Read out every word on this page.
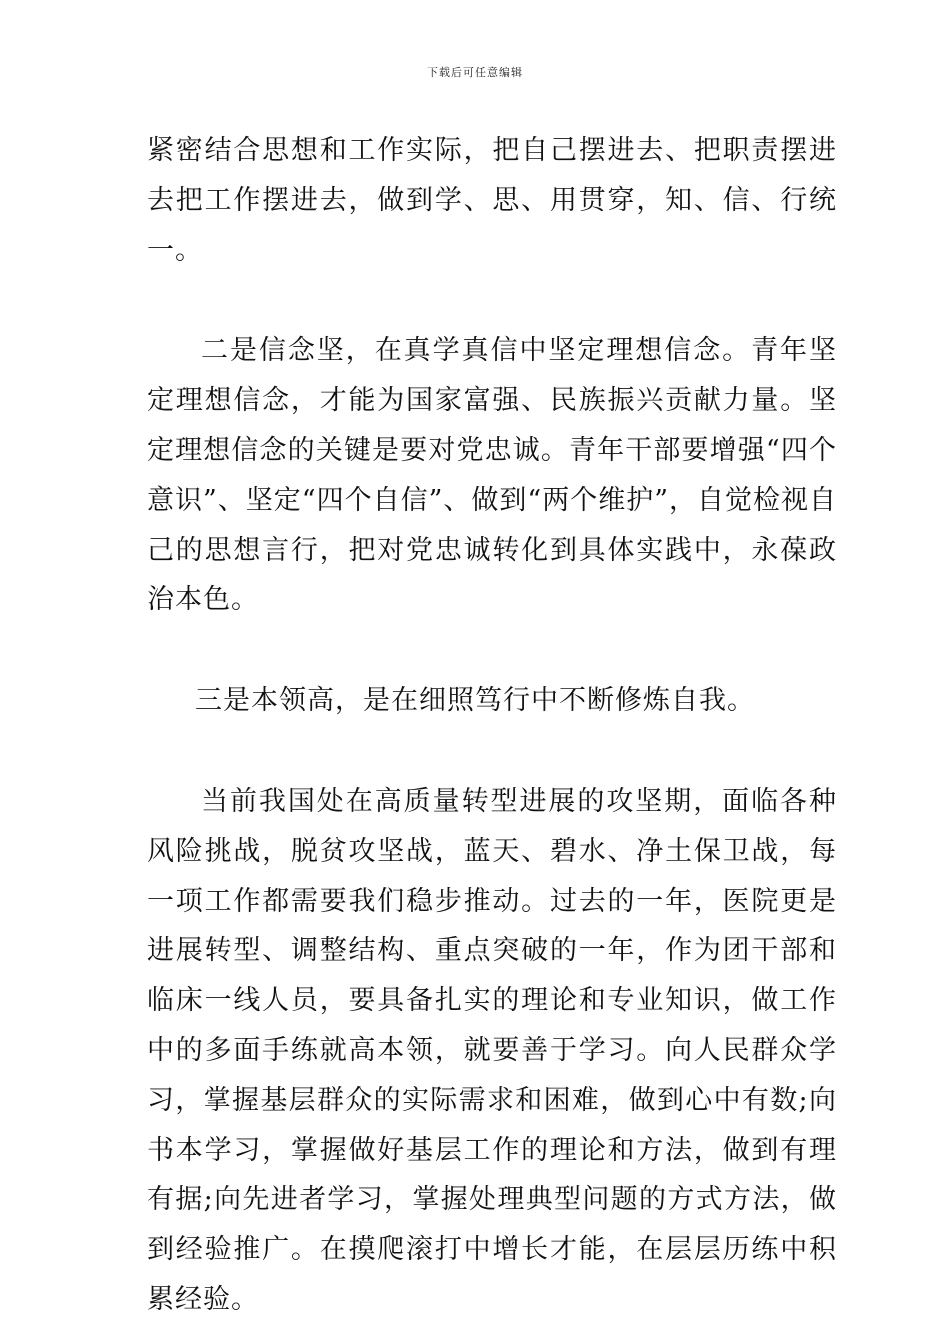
下载后可任意编辑

紧密结合思想和工作实际，把自己摆进去、把职责摆进去把工作摆进去，做到学、思、用贯穿，知、信、行统一。

二是信念坚，在真学真信中坚定理想信念。青年坚定理想信念，才能为国家富强、民族振兴贡献力量。坚定理想信念的关键是要对党忠诚。青年干部要增强“四个意识”、坚定“四个自信”、做到“两个维护”，自觉检视自己的思想言行，把对党忠诚转化到具体实践中，永葆政治本色。

三是本领高，是在细照笃行中不断修炼自我。

当前我国处在高质量转型进展的攻坚期，面临各种风险挑战，脱贫攻坚战，蓝天、碧水、净土保卫战，每一项工作都需要我们稳步推动。过去的一年，医院更是进展转型、调整结构、重点突破的一年，作为团干部和临床一线人员，要具备扎实的理论和专业知识，做工作中的多面手练就高本领，就要善于学习。向人民群众学习，掌握基层群众的实际需求和困难，做到心中有数;向书本学习，掌握做好基层工作的理论和方法，做到有理有据;向先进者学习，掌握处理典型问题的方式方法，做到经验推广。在摸爬滚打中增长才能，在层层历练中积累经验。
